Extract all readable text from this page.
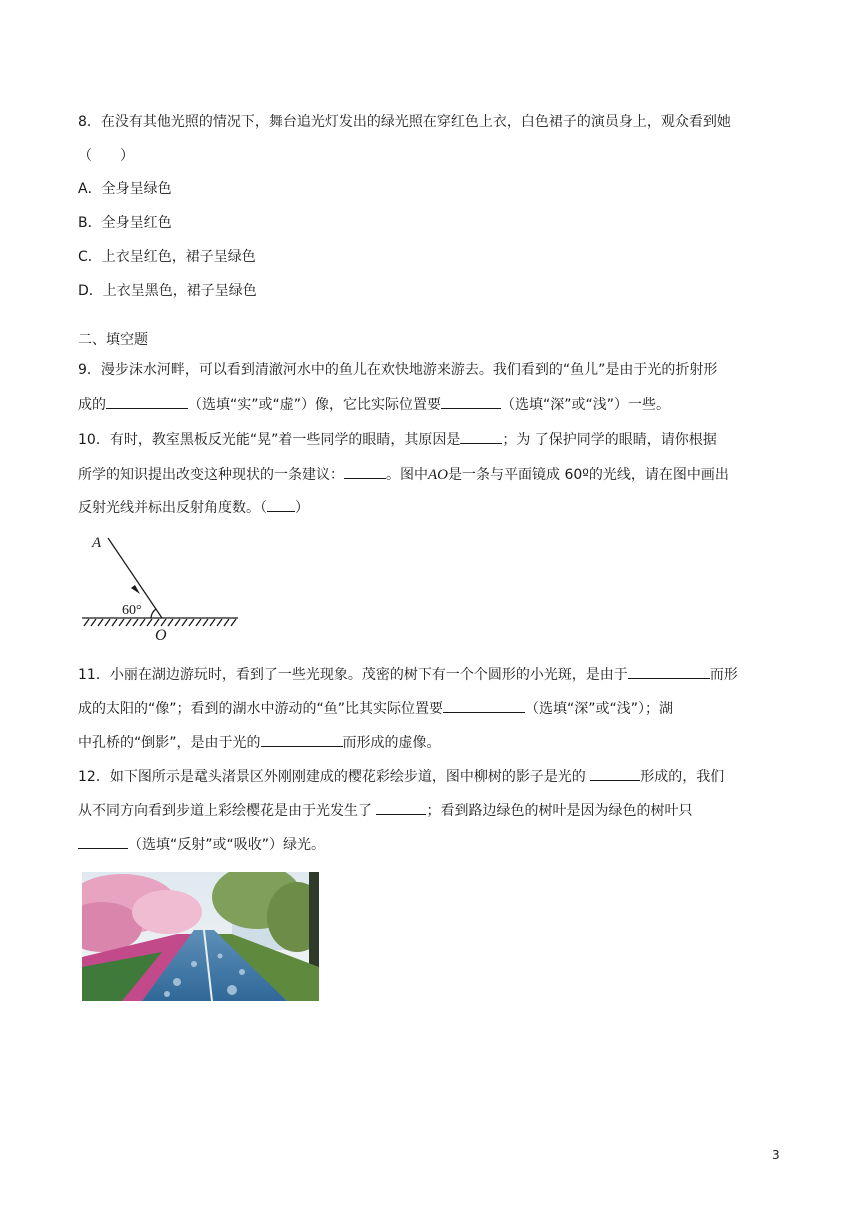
8．在没有其他光照的情况下，舞台追光灯发出的绿光照在穿红色上衣，白色裙子的演员身上，观众看到她
（　　）
A．全身呈绿色
B．全身呈红色
C．上衣呈红色，裙子呈绿色
D．上衣呈黑色，裙子呈绿色
二、填空题
9．漫步沫水河畔，可以看到清澈河水中的鱼儿在欢快地游来游去。我们看到的“鱼儿”是由于光的折射形
成的	（选填“实”或“虚”）像，它比实际位置要	（选填“深”或“浅”）一些。
10．有时，教室黑板反光能“晃”着一些同学的眼睛，其原因是	；为 了保护同学的眼睛，请你根据
所学的知识提出改变这种现状的一条建议：	。图中AO是一条与平面镜成 60º的光线，请在图中画出
反射光线并标出反射角度数。（ ）
A
60°
O
11．小丽在湖边游玩时，看到了一些光现象。茂密的树下有一个个圆形的小光斑，是由于	而形
成的太阳的“像”；看到的湖水中游动的“鱼”比其实际位置要	（选填“深”或“浅”）；湖
中孔桥的“倒影”，是由于光的	而形成的虚像。
12．如下图所示是鼋头渚景区外刚刚建成的樱花彩绘步道，图中柳树的影子是光的	形成的，我们
从不同方向看到步道上彩绘樱花是由于光发生了	；看到路边绿色的树叶是因为绿色的树叶只
（选填“反射”或“吸收”）绿光。
3
